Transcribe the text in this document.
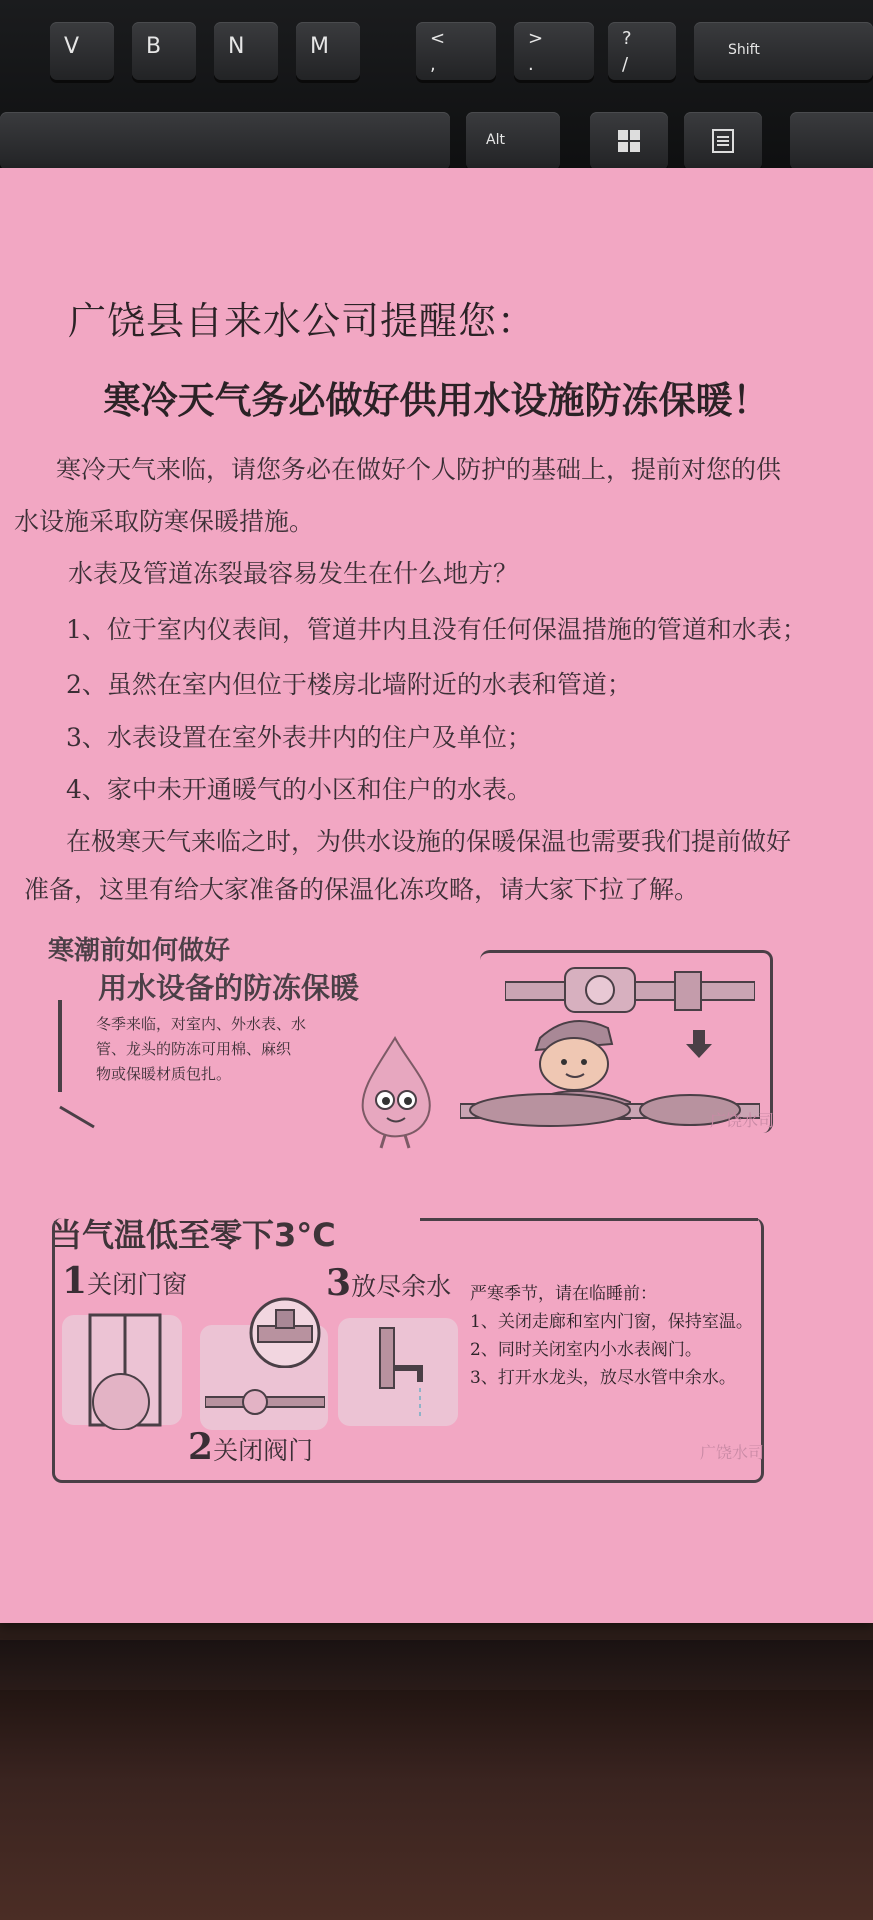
V	B	N	M	<
,
>
.
?
/
Shift
Alt
广饶县自来水公司提醒您：
寒冷天气务必做好供用水设施防冻保暖！
寒冷天气来临，请您务必在做好个人防护的基础上，提前对您的供
水设施采取防寒保暖措施。
水表及管道冻裂最容易发生在什么地方？
1、位于室内仪表间，管道井内且没有任何保温措施的管道和水表；
2、虽然在室内但位于楼房北墙附近的水表和管道；
3、水表设置在室外表井内的住户及单位；
4、家中未开通暖气的小区和住户的水表。
在极寒天气来临之时，为供水设施的保暖保温也需要我们提前做好
准备，这里有给大家准备的保温化冻攻略，请大家下拉了解。
寒潮前如何做好
用水设备的防冻保暖
冬季来临，对室内、外水表、水
管、龙头的防冻可用棉、麻织
物或保暖材质包扎。
广饶水司
当气温低至零下3°C
1关闭门窗
2关闭阀门
3放尽余水 严寒季节，请在临睡前：
1、关闭走廊和室内门窗，保持室温。
2、同时关闭室内小水表阀门。
3、打开水龙头，放尽水管中余水。
广饶水司
